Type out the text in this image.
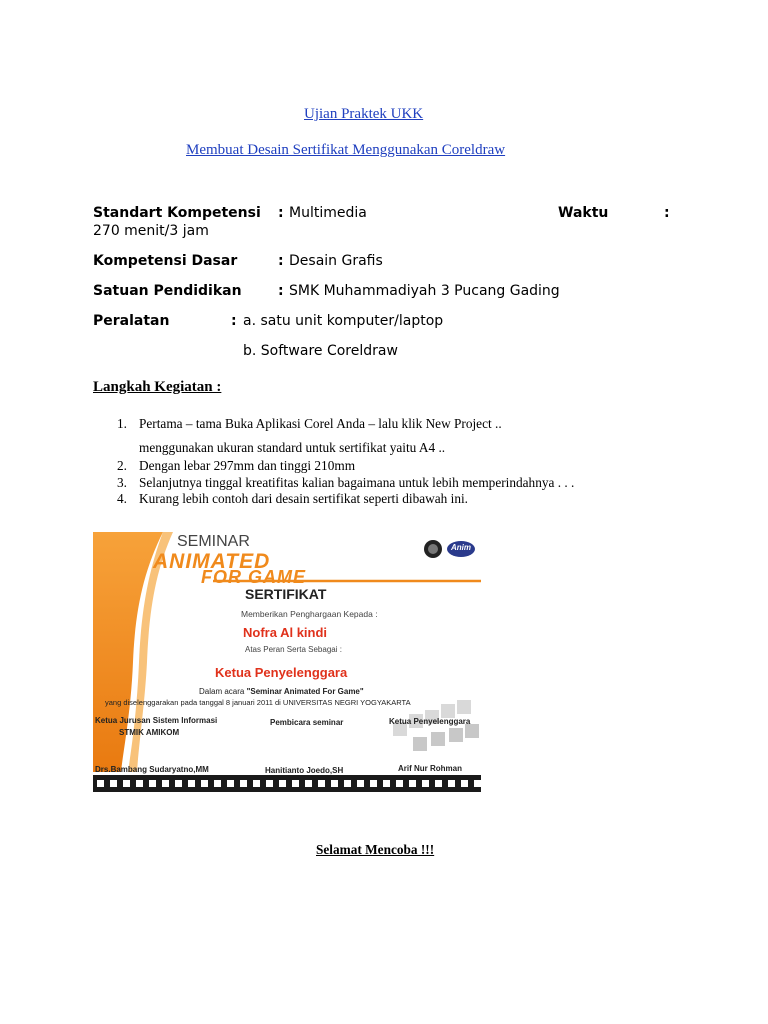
Ujian Praktek UKK
Membuat Desain Sertifikat Menggunakan Coreldraw
Standart Kompetensi : Multimedia	Waktu	:
270 menit/3 jam
Kompetensi Dasar	: Desain Grafis
Satuan Pendidikan	: SMK Muhammadiyah 3 Pucang Gading
Peralatan	: a. satu unit komputer/laptop
b. Software Coreldraw
Langkah Kegiatan :
1. Pertama – tama Buka Aplikasi Corel Anda – lalu klik New Project ..
menggunakan ukuran standard untuk sertifikat yaitu A4 ..
2. Dengan lebar 297mm dan tinggi 210mm
3. Selanjutnya tinggal kreatifitas kalian bagaimana untuk lebih memperindahnya . . .
4. Kurang lebih contoh dari desain sertifikat seperti dibawah ini.
SEMINAR
ANIMATED
FOR GAME
Anim
SERTIFIKAT
Memberikan Penghargaan Kepada :
Nofra Al kindi
Atas Peran Serta Sebagai :
Ketua Penyelenggara
Dalam acara "Seminar Animated For Game"
yang diselenggarakan pada tanggal 8 januari 2011 di UNIVERSITAS NEGRI YOGYAKARTA
Ketua Jurusan Sistem Informasi
STMIK AMIKOM
Pembicara seminar	Ketua Penyelenggara
Drs.Bambang Sudaryatno,MM	Hanitianto Joedo,SH	Arif Nur Rohman
Selamat Mencoba !!!
